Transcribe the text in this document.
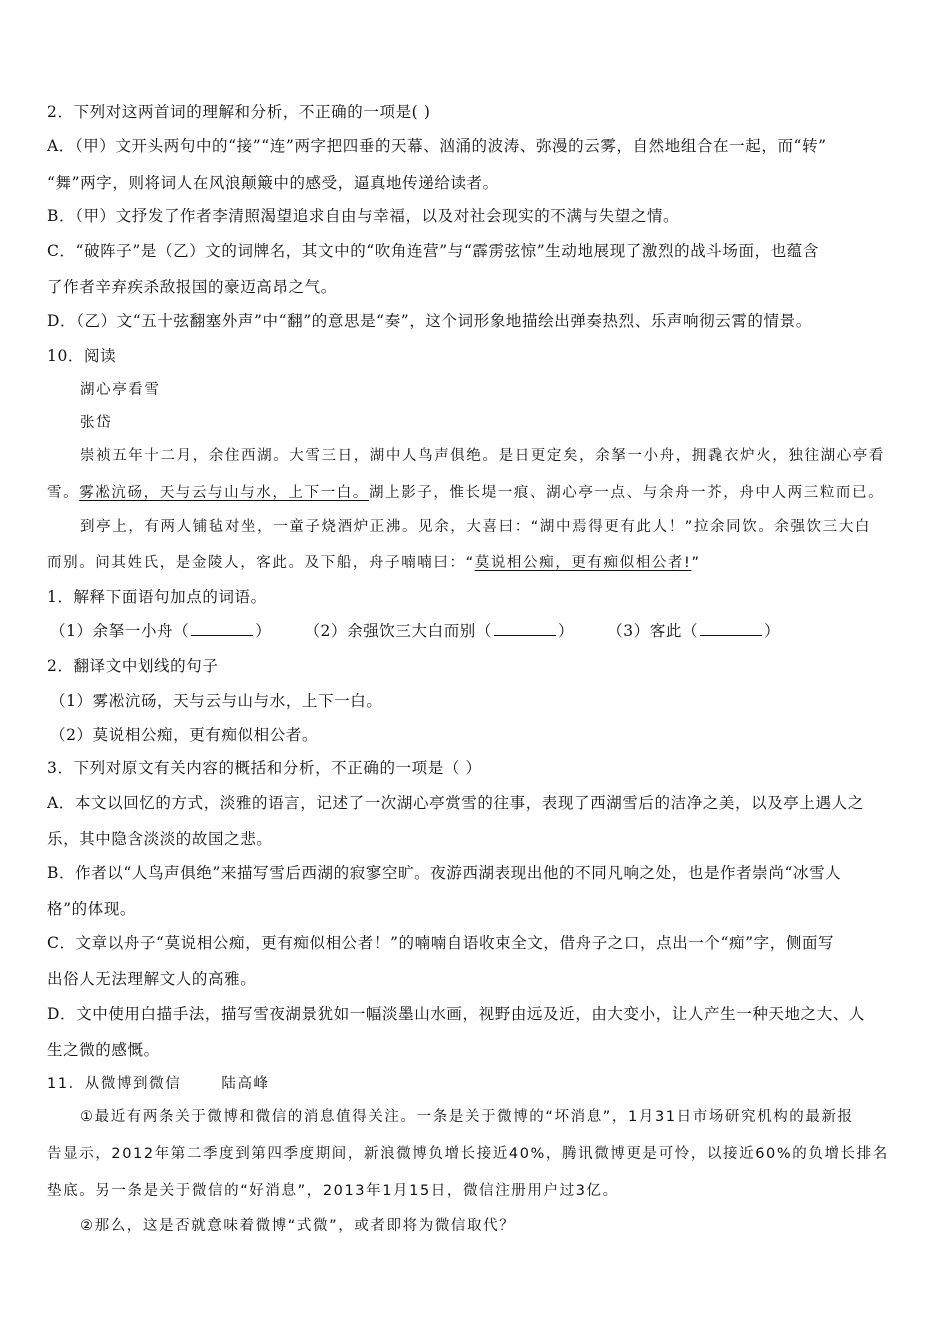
2．下列对这两首词的理解和分析，不正确的一项是( )
A．（甲）文开头两句中的“接”“连”两字把四垂的天幕、汹涌的波涛、弥漫的云雾，自然地组合在一起，而“转”
“舞”两字，则将词人在风浪颠簸中的感受，逼真地传递给读者。
B．（甲）文抒发了作者李清照渴望追求自由与幸福，以及对社会现实的不满与失望之情。
C．“破阵子”是（乙）文的词牌名，其文中的“吹角连营”与“霹雳弦惊”生动地展现了激烈的战斗场面，也蕴含
了作者辛弃疾杀敌报国的豪迈高昂之气。
D．（乙）文“五十弦翻塞外声”中“翻”的意思是“奏”，这个词形象地描绘出弹奏热烈、乐声响彻云霄的情景。
10．阅读
湖心亭看雪
张岱
崇祯五年十二月，余住西湖。大雪三日，湖中人鸟声俱绝。是日更定矣，余拏一小舟，拥毳衣炉火，独往湖心亭看
雪。雾凇沆砀，天与云与山与水，上下一白。湖上影子，惟长堤一痕、湖心亭一点、与余舟一芥，舟中人两三粒而已。
到亭上，有两人铺毡对坐，一童子烧酒炉正沸。见余，大喜曰：“湖中焉得更有此人！”拉余同饮。余强饮三大白
而别。问其姓氏，是金陵人，客此。及下船，舟子喃喃曰：“莫说相公痴，更有痴似相公者!”
1．解释下面语句加点的词语。
（1）余拏一小舟（	） （2）余强饮三大白而别（	） （3）客此（	）
2．翻译文中划线的句子
（1）雾凇沆砀，天与云与山与水，上下一白。
（2）莫说相公痴，更有痴似相公者。
3．下列对原文有关内容的概括和分析，不正确的一项是（ ）
A．本文以回忆的方式，淡雅的语言，记述了一次湖心亭赏雪的往事，表现了西湖雪后的洁净之美，以及亭上遇人之
乐，其中隐含淡淡的故国之悲。
B．作者以“人鸟声俱绝”来描写雪后西湖的寂寥空旷。夜游西湖表现出他的不同凡响之处，也是作者崇尚“冰雪人
格”的体现。
C．文章以舟子“莫说相公痴，更有痴似相公者！”的喃喃自语收束全文，借舟子之口，点出一个“痴”字，侧面写
出俗人无法理解文人的高雅。
D．文中使用白描手法，描写雪夜湖景犹如一幅淡墨山水画，视野由远及近，由大变小，让人产生一种天地之大、人
生之微的感慨。
11．从微博到微信	陆高峰
①最近有两条关于微博和微信的消息值得关注。一条是关于微博的“坏消息”，1月31日市场研究机构的最新报
告显示，2012年第二季度到第四季度期间，新浪微博负增长接近40%，腾讯微博更是可怜，以接近60%的负增长排名
垫底。另一条是关于微信的“好消息”，2013年1月15日，微信注册用户过3亿。
②那么，这是否就意味着微博“式微”，或者即将为微信取代？
